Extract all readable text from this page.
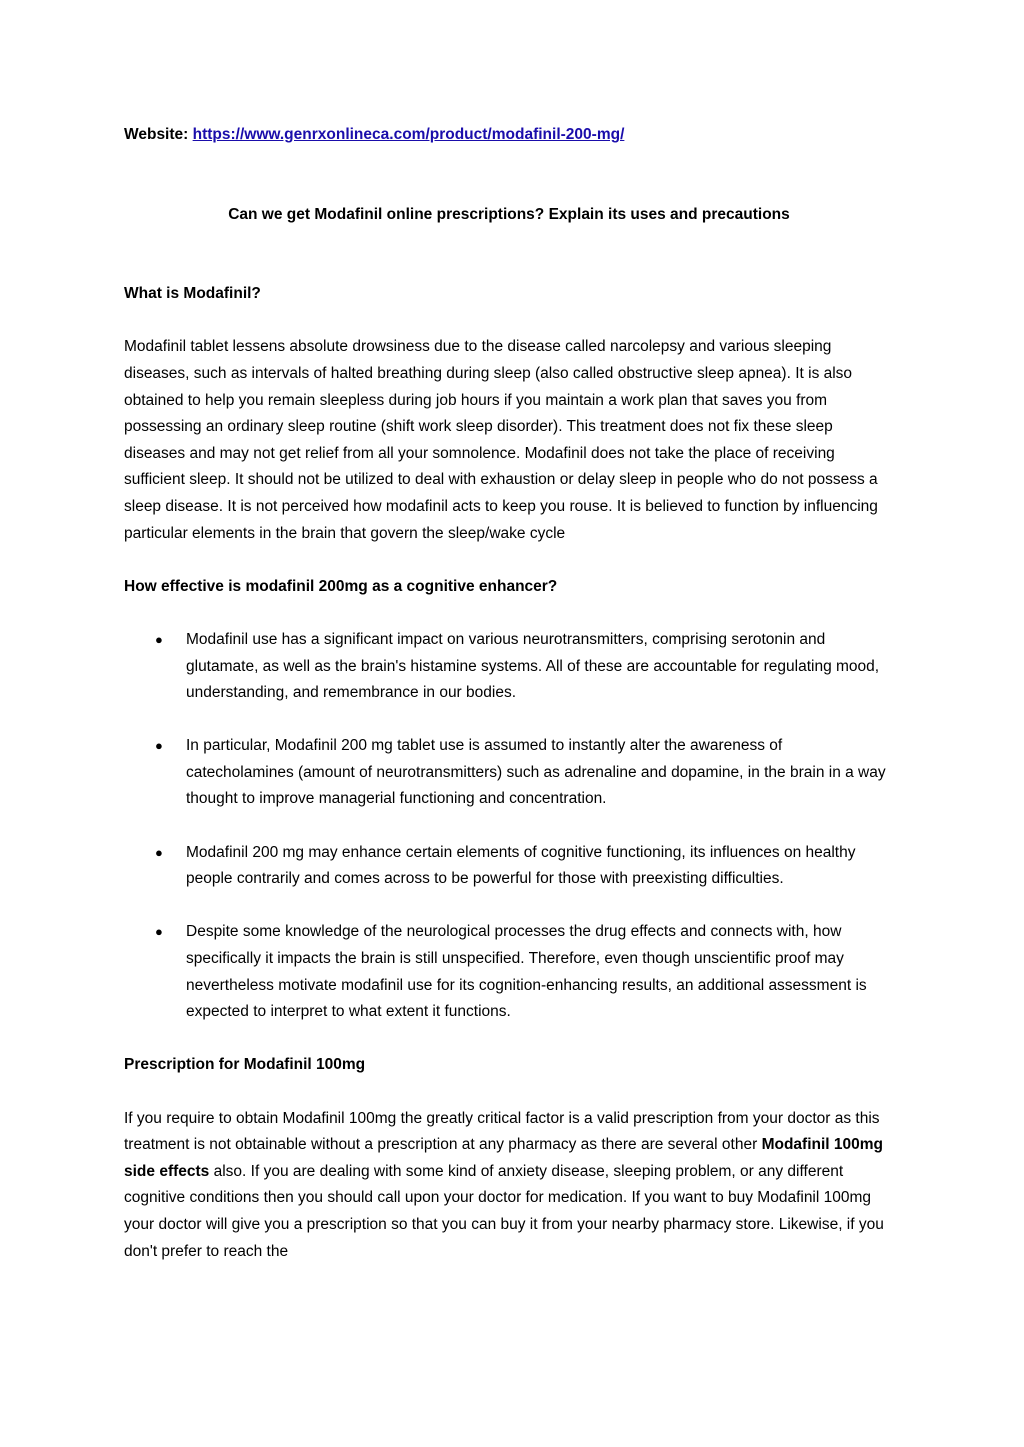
Website: https://www.genrxonlineca.com/product/modafinil-200-mg/

Can we get Modafinil online prescriptions? Explain its uses and precautions

What is Modafinil?

Modafinil tablet lessens absolute drowsiness due to the disease called narcolepsy and various sleeping diseases, such as intervals of halted breathing during sleep (also called obstructive sleep apnea). It is also obtained to help you remain sleepless during job hours if you maintain a work plan that saves you from possessing an ordinary sleep routine (shift work sleep disorder). This treatment does not fix these sleep diseases and may not get relief from all your somnolence. Modafinil does not take the place of receiving sufficient sleep. It should not be utilized to deal with exhaustion or delay sleep in people who do not possess a sleep disease. It is not perceived how modafinil acts to keep you rouse. It is believed to function by influencing particular elements in the brain that govern the sleep/wake cycle

How effective is modafinil 200mg as a cognitive enhancer?

● Modafinil use has a significant impact on various neurotransmitters, comprising serotonin and glutamate, as well as the brain's histamine systems. All of these are accountable for regulating mood, understanding, and remembrance in our bodies.
● In particular, Modafinil 200 mg tablet use is assumed to instantly alter the awareness of catecholamines (amount of neurotransmitters) such as adrenaline and dopamine, in the brain in a way thought to improve managerial functioning and concentration.
● Modafinil 200 mg may enhance certain elements of cognitive functioning, its influences on healthy people contrarily and comes across to be powerful for those with preexisting difficulties.
● Despite some knowledge of the neurological processes the drug effects and connects with, how specifically it impacts the brain is still unspecified. Therefore, even though unscientific proof may nevertheless motivate modafinil use for its cognition-enhancing results, an additional assessment is expected to interpret to what extent it functions.

Prescription for Modafinil 100mg

If you require to obtain Modafinil 100mg the greatly critical factor is a valid prescription from your doctor as this treatment is not obtainable without a prescription at any pharmacy as there are several other Modafinil 100mg side effects also. If you are dealing with some kind of anxiety disease, sleeping problem, or any different cognitive conditions then you should call upon your doctor for medication. If you want to buy Modafinil 100mg your doctor will give you a prescription so that you can buy it from your nearby pharmacy store. Likewise, if you don't prefer to reach the
